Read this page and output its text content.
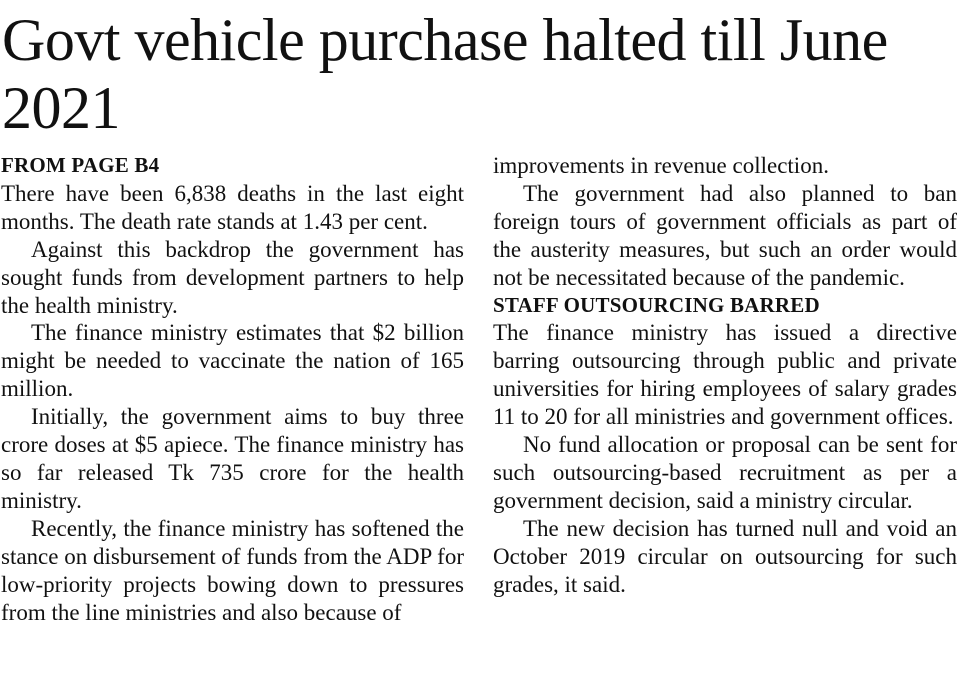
Govt vehicle purchase halted till June 2021
FROM PAGE B4

There have been 6,838 deaths in the last eight months. The death rate stands at 1.43 per cent.

Against this backdrop the government has sought funds from development partners to help the health ministry.

The finance ministry estimates that $2 billion might be needed to vaccinate the nation of 165 million.

Initially, the government aims to buy three crore doses at $5 apiece. The finance ministry has so far released Tk 735 crore for the health ministry.

Recently, the finance ministry has softened the stance on disbursement of funds from the ADP for low-priority projects bowing down to pressures from the line ministries and also because of

improvements in revenue collection.

The government had also planned to ban foreign tours of government officials as part of the austerity measures, but such an order would not be necessitated because of the pandemic.

STAFF OUTSOURCING BARRED

The finance ministry has issued a directive barring outsourcing through public and private universities for hiring employees of salary grades 11 to 20 for all ministries and government offices.

No fund allocation or proposal can be sent for such outsourcing-based recruitment as per a government decision, said a ministry circular.

The new decision has turned null and void an October 2019 circular on outsourcing for such grades, it said.
